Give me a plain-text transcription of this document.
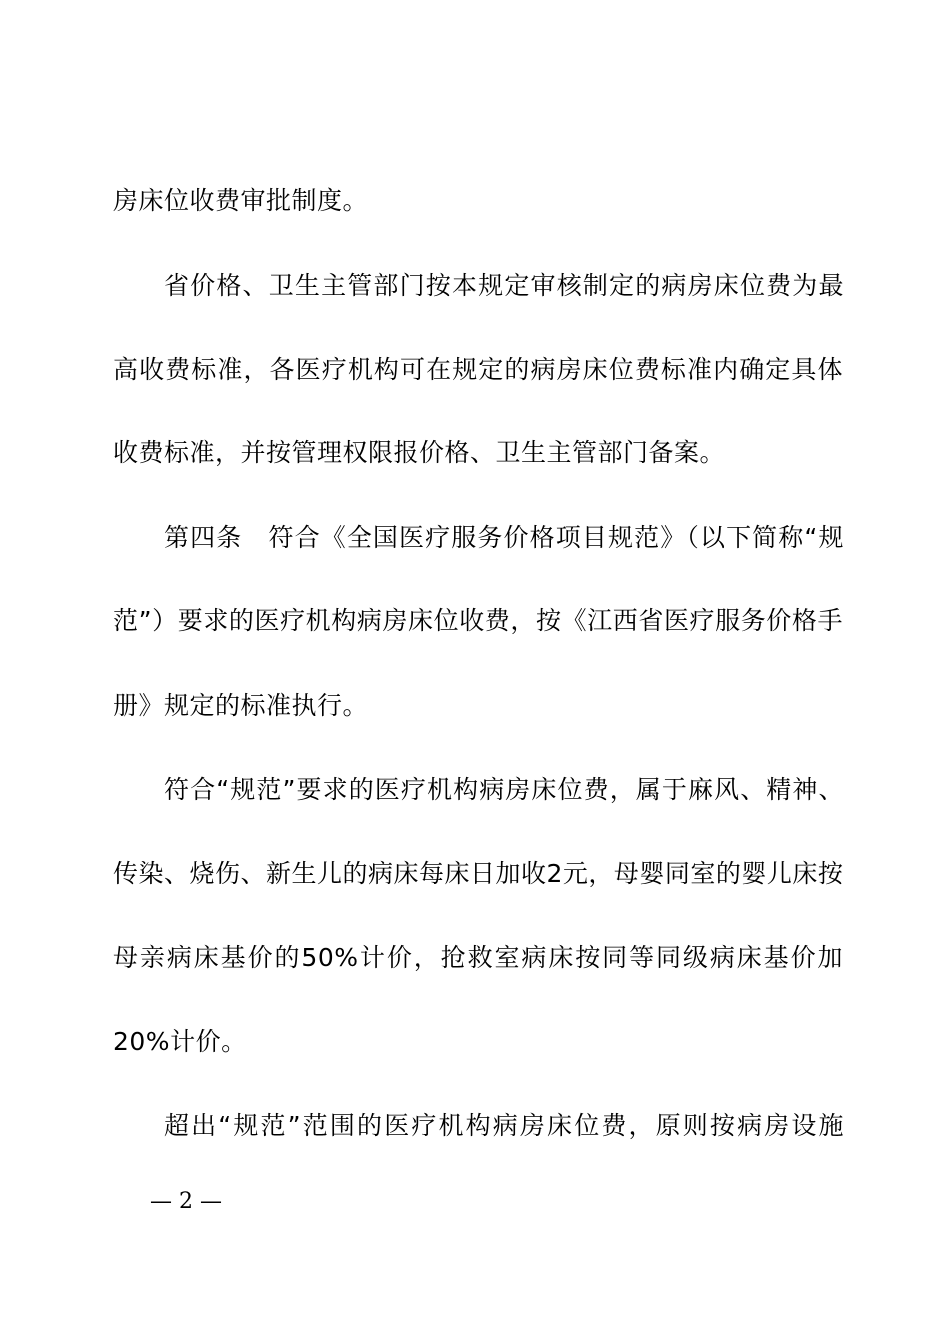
房床位收费审批制度。
省价格、卫生主管部门按本规定审核制定的病房床位费为最
高收费标准，各医疗机构可在规定的病房床位费标准内确定具体
收费标准，并按管理权限报价格、卫生主管部门备案。
第四条　符合《全国医疗服务价格项目规范》（以下简称“规
范”）要求的医疗机构病房床位收费，按《江西省医疗服务价格手
册》规定的标准执行。
符合“规范”要求的医疗机构病房床位费，属于麻风、精神、
传染、烧伤、新生儿的病床每床日加收2元，母婴同室的婴儿床按
母亲病床基价的50%计价，抢救室病床按同等同级病床基价加
20%计价。
超出“规范”范围的医疗机构病房床位费，原则按病房设施
— 2 —
